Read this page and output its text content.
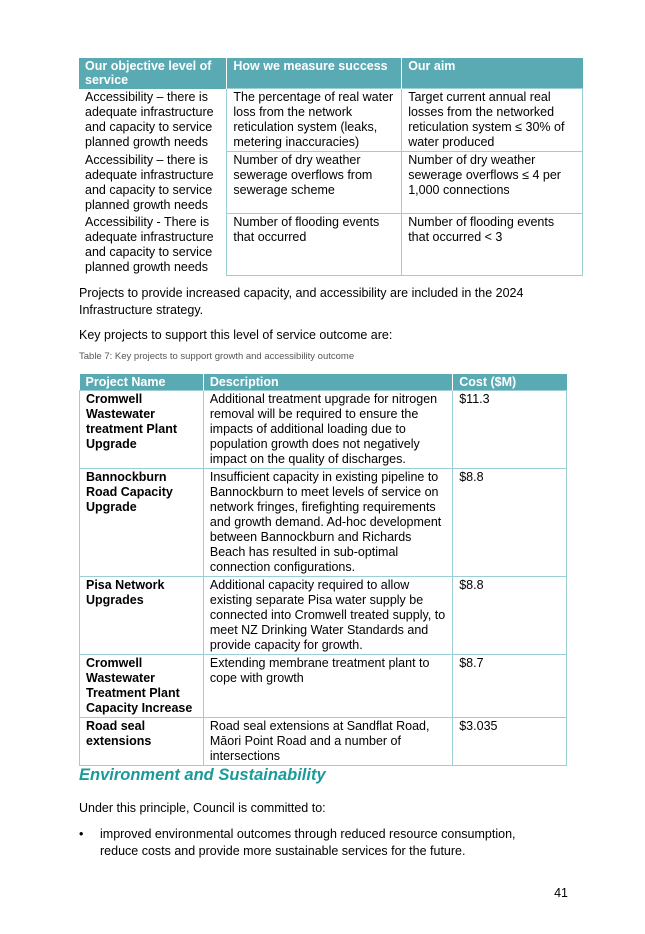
Our objective level of service	How we measure success	Our aim
Accessibility – there is adequate infrastructure and capacity to service planned growth needs	The percentage of real water loss from the network reticulation system (leaks, metering inaccuracies)	Target current annual real losses from the networked reticulation system ≤ 30% of water produced
Accessibility – there is adequate infrastructure and capacity to service planned growth needs	Number of dry weather sewerage overflows from sewerage scheme	Number of dry weather sewerage overflows ≤ 4 per 1,000 connections
Accessibility - There is adequate infrastructure and capacity to service planned growth needs	Number of flooding events that occurred	Number of flooding events that occurred < 3

Projects to provide increased capacity, and accessibility are included in the 2024 Infrastructure strategy.

Key projects to support this level of service outcome are:

Table 7: Key projects to support growth and accessibility outcome

Project Name	Description	Cost ($M)
Cromwell Wastewater treatment Plant Upgrade	Additional treatment upgrade for nitrogen removal will be required to ensure the impacts of additional loading due to population growth does not negatively impact on the quality of discharges.	$11.3
Bannockburn Road Capacity Upgrade	Insufficient capacity in existing pipeline to Bannockburn to meet levels of service on network fringes, firefighting requirements and growth demand. Ad-hoc development between Bannockburn and Richards Beach has resulted in sub-optimal connection configurations.	$8.8
Pisa Network Upgrades	Additional capacity required to allow existing separate Pisa water supply be connected into Cromwell treated supply, to meet NZ Drinking Water Standards and provide capacity for growth.	$8.8
Cromwell Wastewater Treatment Plant Capacity Increase	Extending membrane treatment plant to cope with growth	$8.7
Road seal extensions	Road seal extensions at Sandflat Road, Māori Point Road and a number of intersections	$3.035
Environment and Sustainability

Under this principle, Council is committed to:

• improved environmental outcomes through reduced resource consumption, reduce costs and provide more sustainable services for the future.
41
